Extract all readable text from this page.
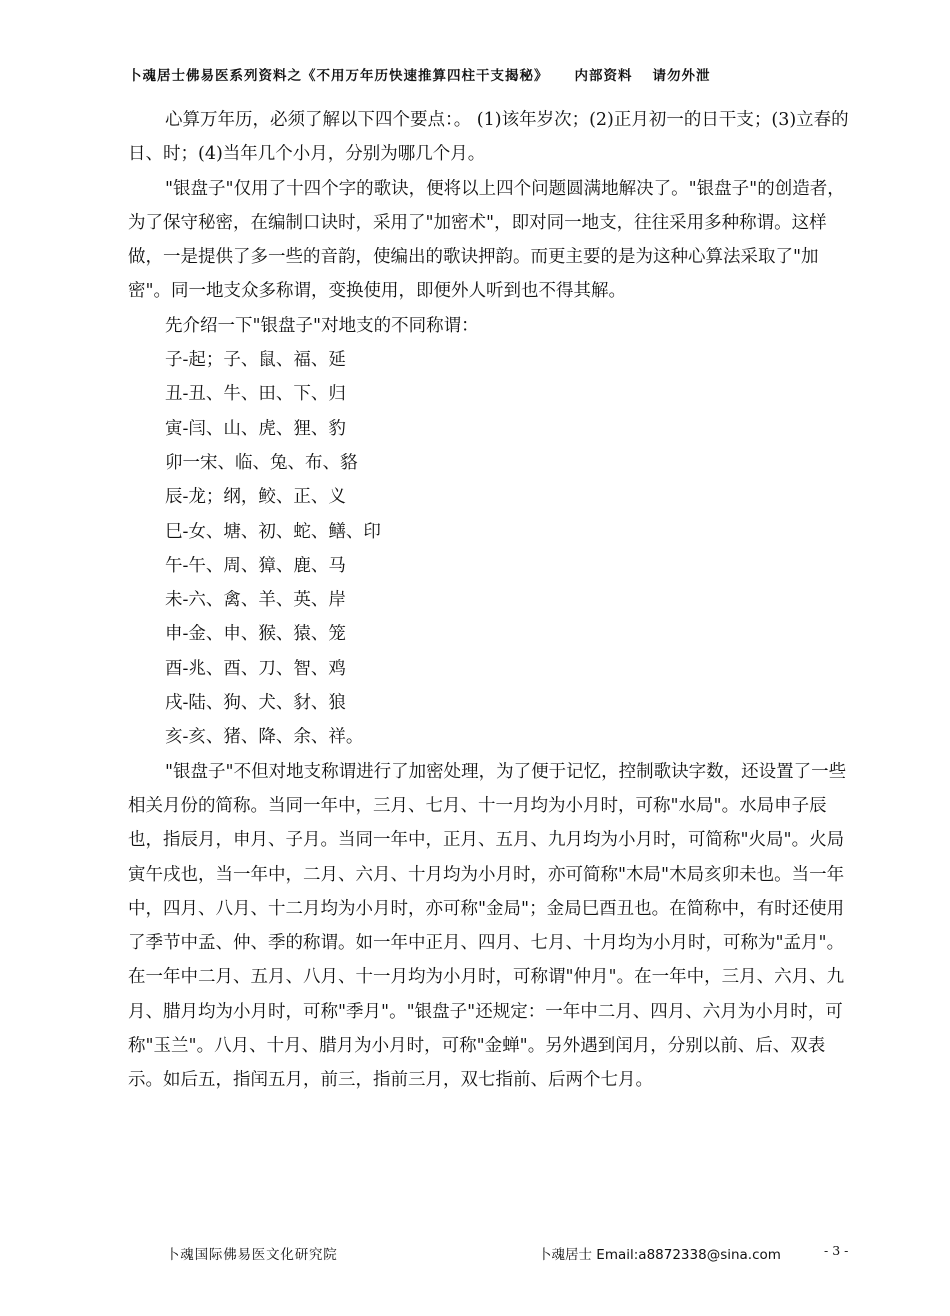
卜魂居士佛易医系列资料之《不用万年历快速推算四柱干支揭秘》 内部资料 请勿外泄

心算万年历，必须了解以下四个要点：。 (1)该年岁次；(2)正月初一的日干支；(3)立春的日、时；(4)当年几个小月，分别为哪几个月。

"银盘子"仅用了十四个字的歌诀，便将以上四个问题圆满地解决了。"银盘子"的创造者，为了保守秘密，在编制口诀时，采用了"加密术"，即对同一地支，往往采用多种称谓。这样做，一是提供了多一些的音韵，使编出的歌诀押韵。而更主要的是为这种心算法采取了"加密"。同一地支众多称谓，变换使用，即便外人听到也不得其解。

先介绍一下"银盘子"对地支的不同称谓：

子-起；子、鼠、福、延
丑-丑、牛、田、下、归
寅-闫、山、虎、狸、豹
卯一宋、临、兔、布、貉
辰-龙；纲，鲛、正、义
巳-女、塘、初、蛇、鳝、印
午-午、周、獐、鹿、马
未-六、禽、羊、英、岸
申-金、申、猴、猿、笼
酉-兆、酉、刀、智、鸡
戌-陆、狗、犬、豺、狼
亥-亥、猪、降、余、祥。

"银盘子"不但对地支称谓进行了加密处理，为了便于记忆，控制歌诀字数，还设置了一些相关月份的简称。当同一年中，三月、七月、十一月均为小月时，可称"水局"。水局申子辰也，指辰月，申月、子月。当同一年中，正月、五月、九月均为小月时，可简称"火局"。火局寅午戌也，当一年中，二月、六月、十月均为小月时，亦可简称"木局"木局亥卯未也。当一年中，四月、八月、十二月均为小月时，亦可称"金局"；金局巳酉丑也。在简称中，有时还使用了季节中孟、仲、季的称谓。如一年中正月、四月、七月、十月均为小月时，可称为"孟月"。在一年中二月、五月、八月、十一月均为小月时，可称谓"仲月"。在一年中，三月、六月、九月、腊月均为小月时，可称"季月"。"银盘子"还规定：一年中二月、四月、六月为小月时，可称"玉兰"。八月、十月、腊月为小月时，可称"金蝉"。另外遇到闰月，分别以前、后、双表示。如后五，指闰五月，前三，指前三月，双七指前、后两个七月。

卜魂国际佛易医文化研究院	卜魂居士 Email:a8872338@sina.com	- 3 -
